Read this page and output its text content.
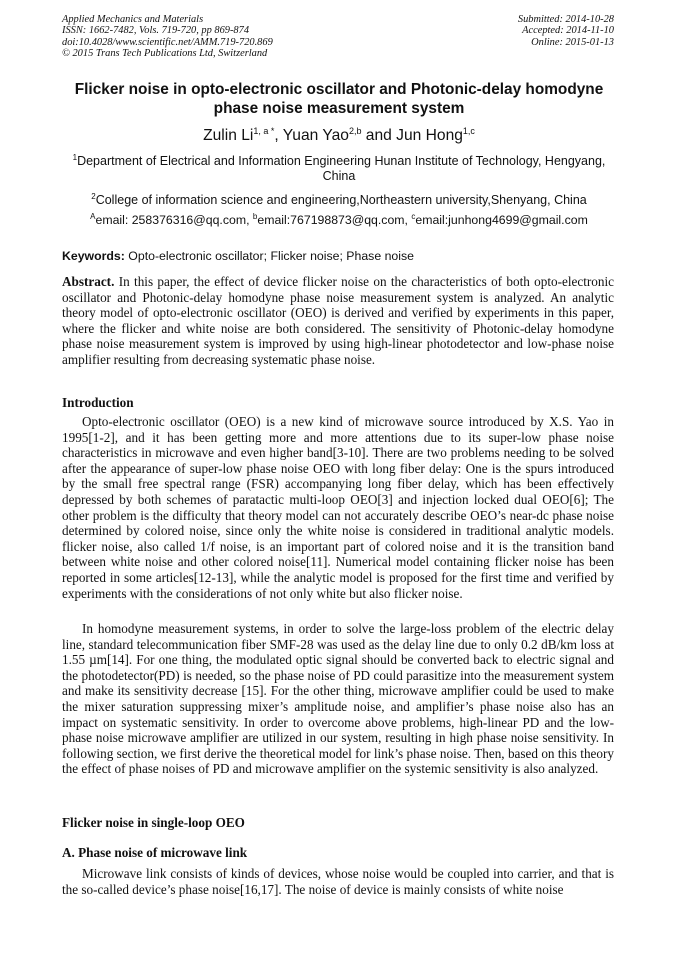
Applied Mechanics and Materials
ISSN: 1662-7482, Vols. 719-720, pp 869-874
doi:10.4028/www.scientific.net/AMM.719-720.869
© 2015 Trans Tech Publications Ltd, Switzerland
Submitted: 2014-10-28
Accepted: 2014-11-10
Online: 2015-01-13
Flicker noise in opto-electronic oscillator and Photonic-delay homodyne phase noise measurement system
Zulin $Li^{1, a *}$, Yuan Yao$^{2,b}$ and Jun Hong$^{1,c}$
$^1$Department of Electrical and Information Engineering Hunan Institute of Technology, Hengyang, China
$^2$College of information science and engineering,Northeastern university,Shenyang, China
$^A$email: 258376316@qq.com, $^b$email:767198873@qq.com, $^c$email:junhong4699@gmail.com
Keywords: Opto-electronic oscillator; Flicker noise; Phase noise
Abstract. In this paper, the effect of device flicker noise on the characteristics of both opto-electronic oscillator and Photonic-delay homodyne phase noise measurement system is analyzed. An analytic theory model of opto-electronic oscillator (OEO) is derived and verified by experiments in this paper, where the flicker and white noise are both considered. The sensitivity of Photonic-delay homodyne phase noise measurement system is improved by using high-linear photodetector and low-phase noise amplifier resulting from decreasing systematic phase noise.
Introduction
Opto-electronic oscillator (OEO) is a new kind of microwave source introduced by X.S. Yao in 1995[1-2], and it has been getting more and more attentions due to its super-low phase noise characteristics in microwave and even higher band[3-10]. There are two problems needing to be solved after the appearance of super-low phase noise OEO with long fiber delay: One is the spurs introduced by the small free spectral range (FSR) accompanying long fiber delay, which has been effectively depressed by both schemes of paratactic multi-loop OEO[3] and injection locked dual OEO[6]; The other problem is the difficulty that theory model can not accurately describe OEO’s near-dc phase noise determined by colored noise, since only the white noise is considered in traditional analytic models. flicker noise, also called 1/f noise, is an important part of colored noise and it is the transition band between white noise and other colored noise[11]. Numerical model containing flicker noise has been reported in some articles[12-13], while the analytic model is proposed for the first time and verified by experiments with the considerations of not only white but also flicker noise.
In homodyne measurement systems, in order to solve the large-loss problem of the electric delay line, standard telecommunication fiber SMF-28 was used as the delay line due to only 0.2 dB/km loss at 1.55 µm[14]. For one thing, the modulated optic signal should be converted back to electric signal and the photodetector(PD) is needed, so the phase noise of PD could parasitize into the measurement system and make its sensitivity decrease [15]. For the other thing, microwave amplifier could be used to make the mixer saturation suppressing mixer’s amplitude noise, and amplifier’s phase noise also has an impact on systematic sensitivity. In order to overcome above problems, high-linear PD and the low-phase noise microwave amplifier are utilized in our system, resulting in high phase noise sensitivity. In following section, we first derive the theoretical model for link’s phase noise. Then, based on this theory the effect of phase noises of PD and microwave amplifier on the systemic sensitivity is also analyzed.
Flicker noise in single-loop OEO
A. Phase noise of microwave link
Microwave link consists of kinds of devices, whose noise would be coupled into carrier, and that is the so-called device’s phase noise[16,17]. The noise of device is mainly consists of white noise
